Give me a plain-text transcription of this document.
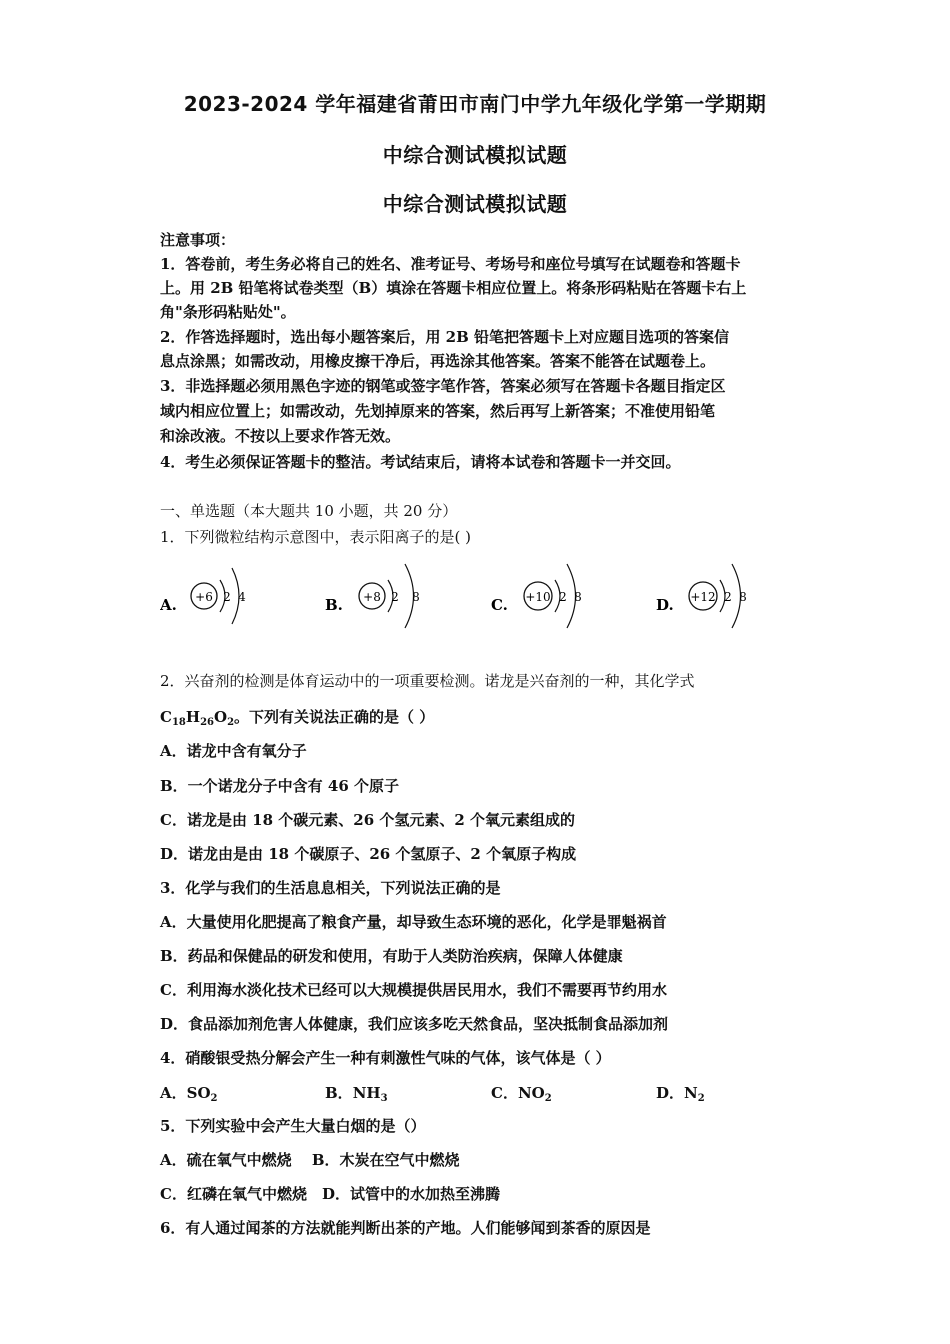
2023-2024 学年福建省莆田市南门中学九年级化学第一学期期
中综合测试模拟试题
中综合测试模拟试题
注意事项：
1．答卷前，考生务必将自己的姓名、准考证号、考场号和座位号填写在试题卷和答题卡
上。用 2B 铅笔将试卷类型（B）填涂在答题卡相应位置上。将条形码粘贴在答题卡右上
角"条形码粘贴处"。
2．作答选择题时，选出每小题答案后，用 2B 铅笔把答题卡上对应题目选项的答案信
息点涂黑；如需改动，用橡皮擦干净后，再选涂其他答案。答案不能答在试题卷上。
3．非选择题必须用黑色字迹的钢笔或签字笔作答，答案必须写在答题卡各题目指定区
域内相应位置上；如需改动，先划掉原来的答案，然后再写上新答案；不准使用铅笔
和涂改液。不按以上要求作答无效。
4．考生必须保证答题卡的整洁。考试结束后，请将本试卷和答题卡一并交回。
一、单选题（本大题共 10 小题，共 20 分）
1．下列微粒结构示意图中，表示阳离子的是( )
A. +6 2 4	B. +8 2 8	C. +10 2 8	D. +12 2 8
2．兴奋剂的检测是体育运动中的一项重要检测。诺龙是兴奋剂的一种，其化学式
$C_{18}H_{26}O_2$。下列有关说法正确的是（ ）
A．诺龙中含有氧分子
B．一个诺龙分子中含有 46 个原子
C．诺龙是由 18 个碳元素、26 个氢元素、2 个氧元素组成的
D．诺龙由是由 18 个碳原子、26 个氢原子、2 个氧原子构成
3．化学与我们的生活息息相关，下列说法正确的是
A．大量使用化肥提高了粮食产量，却导致生态环境的恶化，化学是罪魁祸首
B．药品和保健品的研发和使用，有助于人类防治疾病，保障人体健康
C．利用海水淡化技术已经可以大规模提供居民用水，我们不需要再节约用水
D．食品添加剂危害人体健康，我们应该多吃天然食品，坚决抵制食品添加剂
4．硝酸银受热分解会产生一种有刺激性气味的气体，该气体是（ ）
A．$SO_2$	B．$NH_3$	C．$NO_2$	D．$N_2$
5．下列实验中会产生大量白烟的是（）
A．硫在氧气中燃烧　 B．木炭在空气中燃烧
C．红磷在氧气中燃烧　D．试管中的水加热至沸腾
6．有人通过闻茶的方法就能判断出茶的产地。人们能够闻到茶香的原因是
